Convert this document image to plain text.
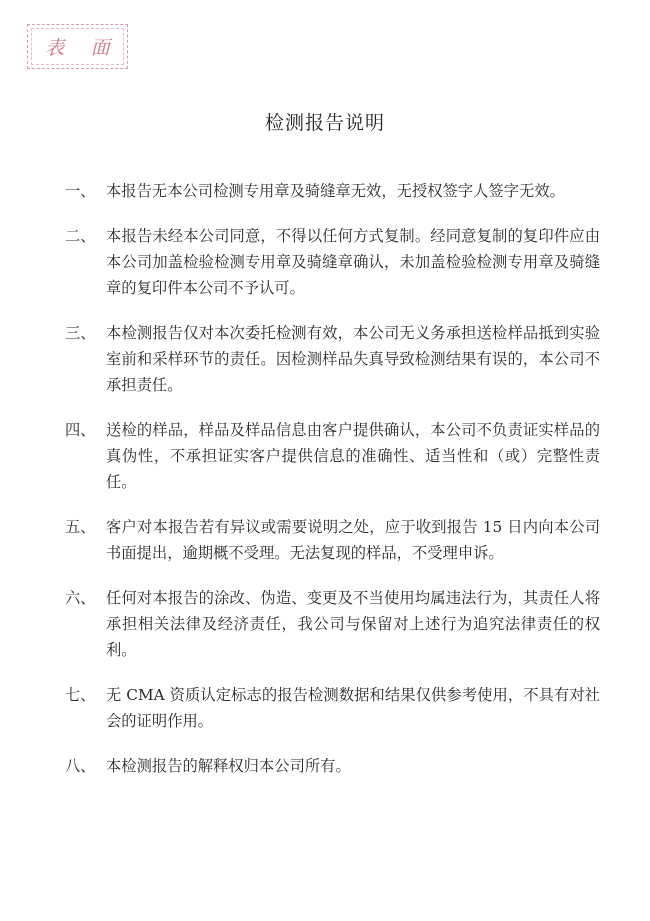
表 面
检测报告说明
一、 本报告无本公司检测专用章及骑缝章无效，无授权签字人签字无效。
二、 本报告未经本公司同意，不得以任何方式复制。经同意复制的复印件应由本公司加盖检验检测专用章及骑缝章确认，未加盖检验检测专用章及骑缝章的复印件本公司不予认可。
三、 本检测报告仅对本次委托检测有效，本公司无义务承担送检样品抵到实验室前和采样环节的责任。因检测样品失真导致检测结果有误的，本公司不承担责任。
四、 送检的样品，样品及样品信息由客户提供确认，本公司不负责证实样品的真伪性，不承担证实客户提供信息的准确性、适当性和（或）完整性责任。
五、 客户对本报告若有异议或需要说明之处，应于收到报告 15 日内向本公司书面提出，逾期概不受理。无法复现的样品，不受理申诉。
六、 任何对本报告的涂改、伪造、变更及不当使用均属违法行为，其责任人将承担相关法律及经济责任，我公司与保留对上述行为追究法律责任的权利。
七、 无 CMA 资质认定标志的报告检测数据和结果仅供参考使用，不具有对社会的证明作用。
八、 本检测报告的解释权归本公司所有。
